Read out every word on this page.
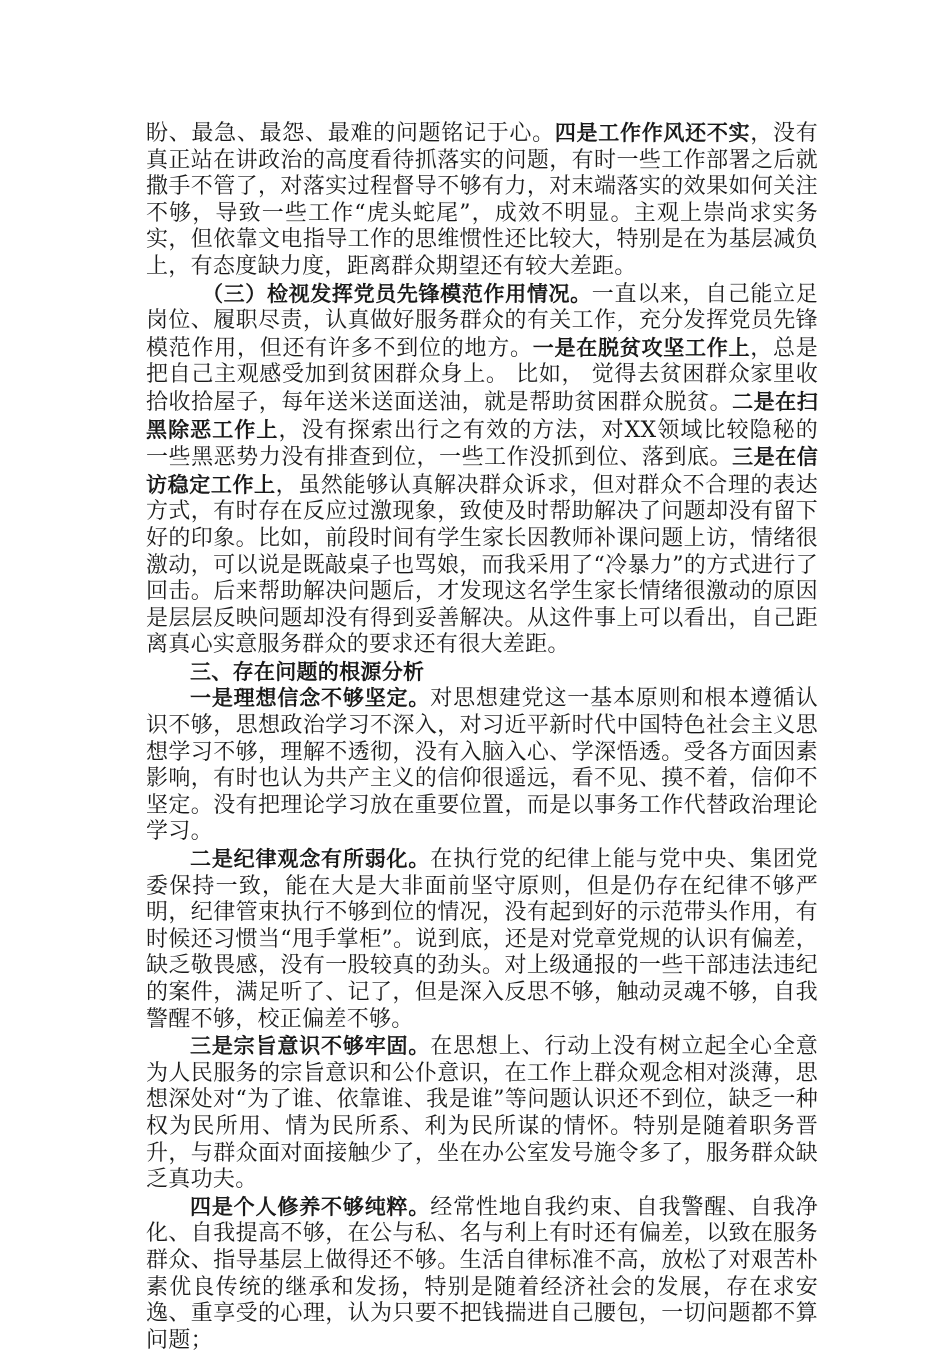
盼、最急、最怨、最难的问题铭记于心。四是工作作风还不实，没有真正站在讲政治的高度看待抓落实的问题，有时一些工作部署之后就撒手不管了，对落实过程督导不够有力，对末端落实的效果如何关注不够，导致一些工作“虎头蛇尾”，成效不明显。主观上崇尚求实务实，但依靠文电指导工作的思维惯性还比较大，特别是在为基层减负上，有态度缺力度，距离群众期望还有较大差距。

（三）检视发挥党员先锋模范作用情况。一直以来，自己能立足岗位、履职尽责，认真做好服务群众的有关工作，充分发挥党员先锋模范作用，但还有许多不到位的地方。一是在脱贫攻坚工作上，总是把自己主观感受加到贫困群众身上。 比如， 觉得去贫困群众家里收拾收拾屋子，每年送米送面送油，就是帮助贫困群众脱贫。二是在扫黑除恶工作上，没有探索出行之有效的方法，对XX领域比较隐秘的一些黑恶势力没有排查到位，一些工作没抓到位、落到底。三是在信访稳定工作上，虽然能够认真解决群众诉求，但对群众不合理的表达方式，有时存在反应过激现象，致使及时帮助解决了问题却没有留下好的印象。比如，前段时间有学生家长因教师补课问题上访，情绪很激动，可以说是既敲桌子也骂娘，而我采用了“冷暴力”的方式进行了回击。后来帮助解决问题后，才发现这名学生家长情绪很激动的原因是层层反映问题却没有得到妥善解决。从这件事上可以看出，自己距离真心实意服务群众的要求还有很大差距。

三、存在问题的根源分析

一是理想信念不够坚定。对思想建党这一基本原则和根本遵循认识不够，思想政治学习不深入，对习近平新时代中国特色社会主义思想学习不够，理解不透彻，没有入脑入心、学深悟透。受各方面因素影响，有时也认为共产主义的信仰很遥远，看不见、摸不着，信仰不坚定。没有把理论学习放在重要位置，而是以事务工作代替政治理论学习。

二是纪律观念有所弱化。在执行党的纪律上能与党中央、集团党委保持一致，能在大是大非面前坚守原则，但是仍存在纪律不够严明，纪律管束执行不够到位的情况，没有起到好的示范带头作用，有时候还习惯当“甩手掌柜”。说到底，还是对党章党规的认识有偏差，缺乏敬畏感，没有一股较真的劲头。对上级通报的一些干部违法违纪的案件，满足听了、记了，但是深入反思不够，触动灵魂不够，自我警醒不够，校正偏差不够。

三是宗旨意识不够牢固。在思想上、行动上没有树立起全心全意为人民服务的宗旨意识和公仆意识，在工作上群众观念相对淡薄，思想深处对“为了谁、依靠谁、我是谁”等问题认识还不到位，缺乏一种权为民所用、情为民所系、利为民所谋的情怀。特别是随着职务晋升，与群众面对面接触少了，坐在办公室发号施令多了，服务群众缺乏真功夫。

四是个人修养不够纯粹。经常性地自我约束、自我警醒、自我净化、自我提高不够，在公与私、名与利上有时还有偏差，以致在服务群众、指导基层上做得还不够。生活自律标准不高，放松了对艰苦朴素优良传统的继承和发扬，特别是随着经济社会的发展，存在求安逸、重享受的心理，认为只要不把钱揣进自己腰包，一切问题都不算问题；
